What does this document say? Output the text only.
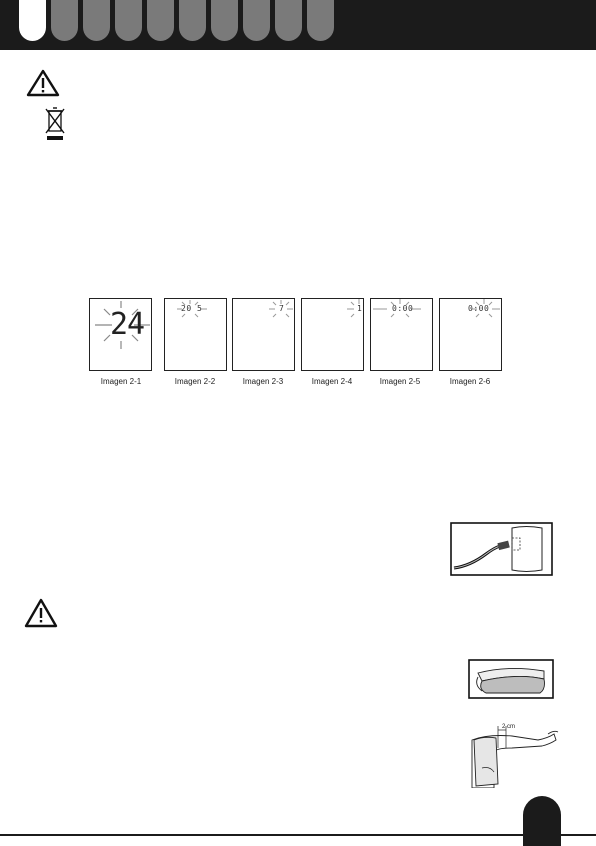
24	20 5	7	1	0:00	0:00
Imagen 2-1	Imagen 2-2	Imagen 2-3	Imagen 2-4	Imagen 2-5	Imagen 2-6
2 cm
